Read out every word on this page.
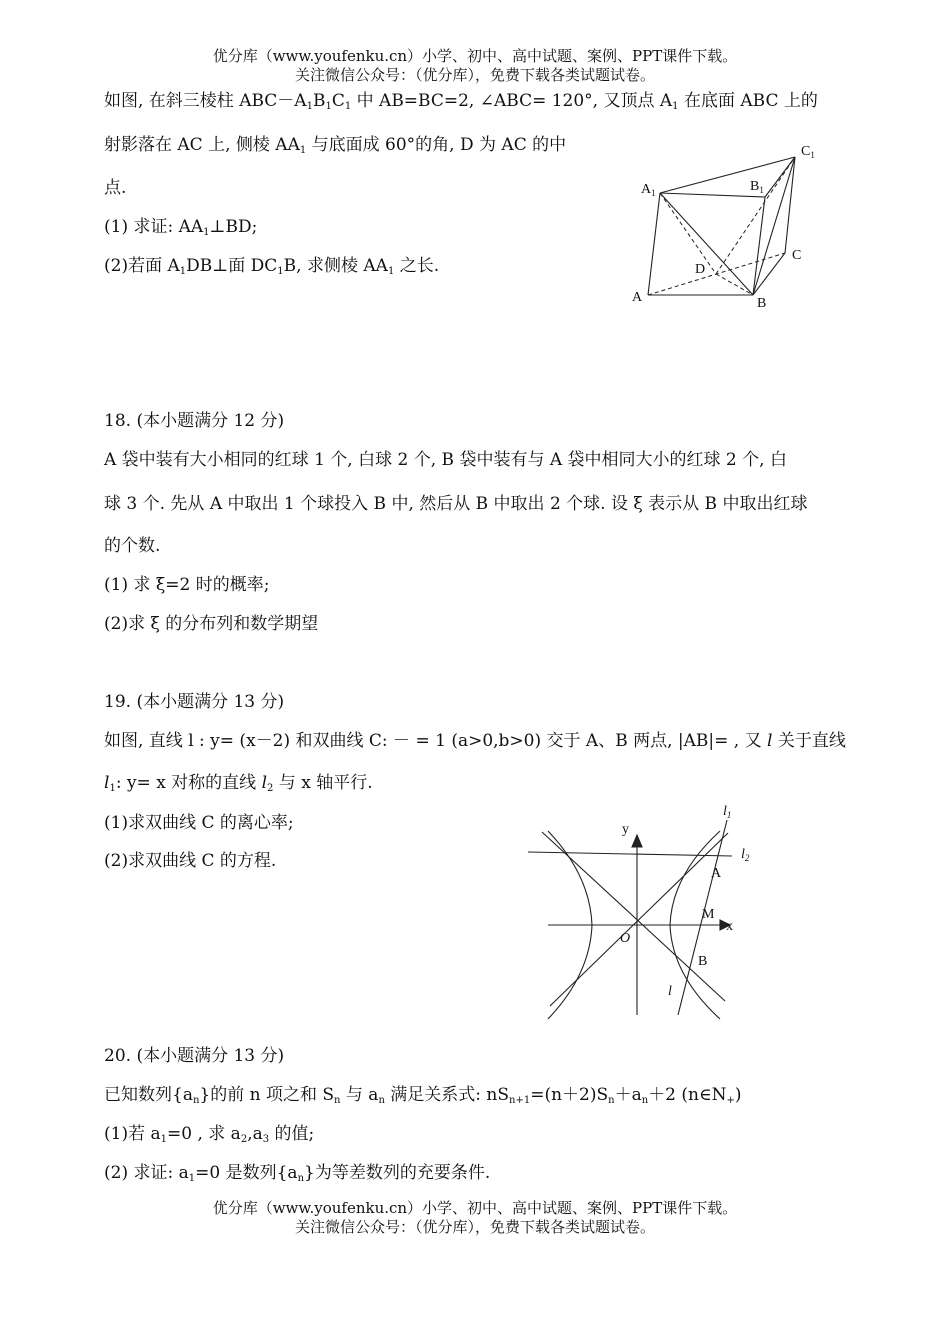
优分库（www.youfenku.cn）小学、初中、高中试题、案例、PPT课件下载。
关注微信公众号：（优分库），免费下载各类试题试卷。
如图, 在斜三棱柱 $ABC-A_1B_1C_1$ 中 AB=BC=2, ∠ABC= 120°, 又顶点 $A_1$ 在底面 ABC 上的
射影落在 AC 上, 侧棱 $AA_1$ 与底面成 60°的角, D 为 AC 的中
点.
(1) 求证: $AA_1\perp BD$;
(2)若面 $A_1DB\perp$面 $DC_1B$, 求侧棱 $AA_1$ 之长.
A	B
C
D
$A_1$	$B_1$
$C_1$
18. (本小题满分 12 分)
A 袋中装有大小相同的红球 1 个, 白球 2 个, B 袋中装有与 A 袋中相同大小的红球 2 个, 白
球 3 个. 先从 A 中取出 1 个球投入 B 中, 然后从 B 中取出 2 个球. 设 ξ 表示从 B 中取出红球
的个数.
(1) 求 ξ=2 时的概率;
(2)求 ξ 的分布列和数学期望
19. (本小题满分 13 分)
如图, 直线 l : y= (x－2) 和双曲线 C: － = 1 (a>0,b>0) 交于 A、B 两点, |AB|= , 又 l 关于直线
$l_1$: y= x 对称的直线 $l_2$ 与 x 轴平行.
(1)求双曲线 C 的离心率;
(2)求双曲线 C 的方程.
y
x
O
A
M
B
l
$l_1$
$l_2$
20. (本小题满分 13 分)
已知数列$\{a_n\}$的前 n 项之和 $S_n$ 与 $a_n$ 满足关系式: $nS_{n+1}=(n+2)S_n+a_n+2$ $(n\in N_+)$
(1)若 $a_1=0$ , 求 $a_2,a_3$ 的值;
(2) 求证: $a_1=0$ 是数列$\{a_n\}$为等差数列的充要条件.
优分库（www.youfenku.cn）小学、初中、高中试题、案例、PPT课件下载。
关注微信公众号：（优分库），免费下载各类试题试卷。
